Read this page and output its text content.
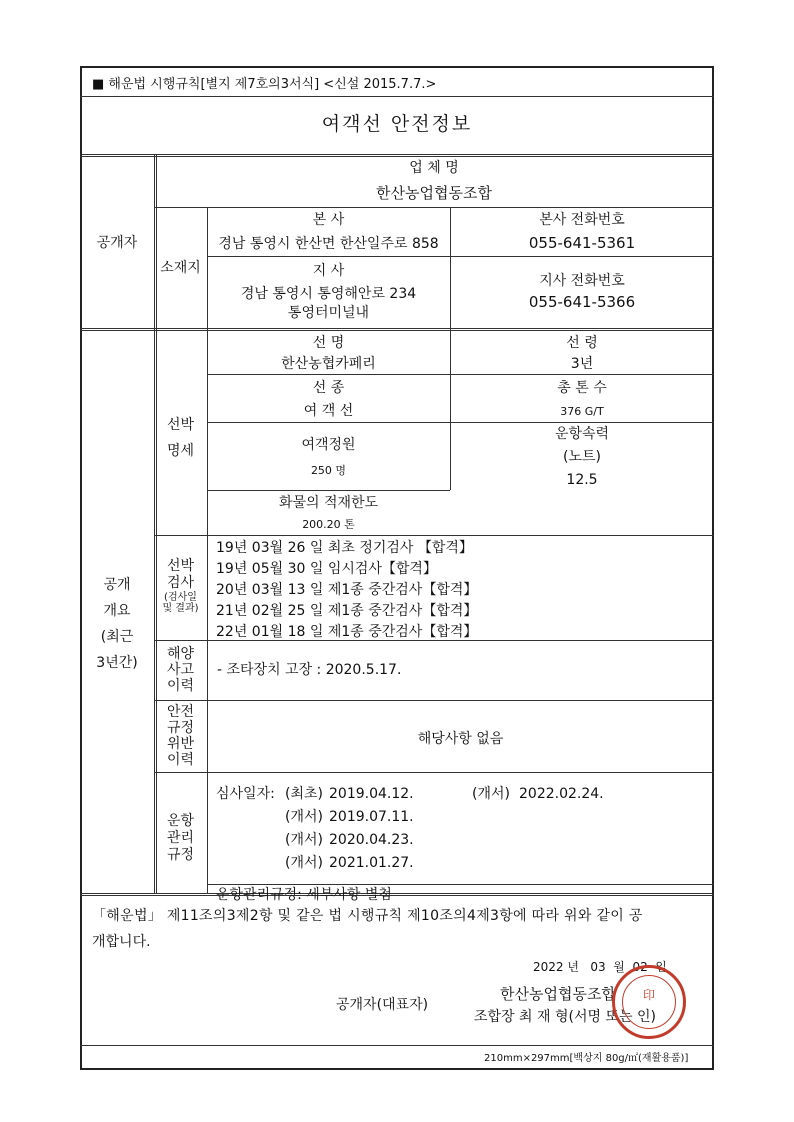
■ 해운법 시행규칙[별지 제7호의3서식] <신설 2015.7.7.>
여객선 안전정보
공개자
업 체 명
한산농업협동조합
소재지
본 사
경남 통영시 한산면 한산일주로 858
본사 전화번호
055-641-5361
지 사
경남 통영시 통영해안로 234
통영터미널내
지사 전화번호
055-641-5366
공개
개요
(최근
3년간)
선박
명세
선 명
한산농협카페리
선 령
3년
선 종
여 객 선
총 톤 수
376 G/T
여객정원
250 명
운항속력
(노트)
12.5
화물의 적재한도
200.20 톤
선박
검사
(검사일
및 결과)
19년 03월 26 일 최초 정기검사 【합격】
19년 05월 30 일 임시검사【합격】
20년 03월 13 일 제1종 중간검사【합격】
21년 02월 25 일 제1종 중간검사【합격】
22년 01월 18 일 제1종 중간검사【합격】
해양
사고
이력
- 조타장치 고장 : 2020.5.17.
안전
규정
위반
이력
해당사항 없음
운항
관리
규정
심사일자: (최초) 2019.04.12.	(개서) 2022.02.24.
(개서) 2019.07.11.
(개서) 2020.04.23.
(개서) 2021.01.27.
운항관리규정: 세부사항 별첨
「해운법」 제11조의3제2항 및 같은 법 시행규칙 제10조의4제3항에 따라 위와 같이 공
개합니다.
2022 년   03  월  02  일
공개자(대표자)
한산농업협동조합
조합장 최 재 형(서명 또는 인)
印
210mm×297mm[백상지 80g/㎡(재활용품)]
